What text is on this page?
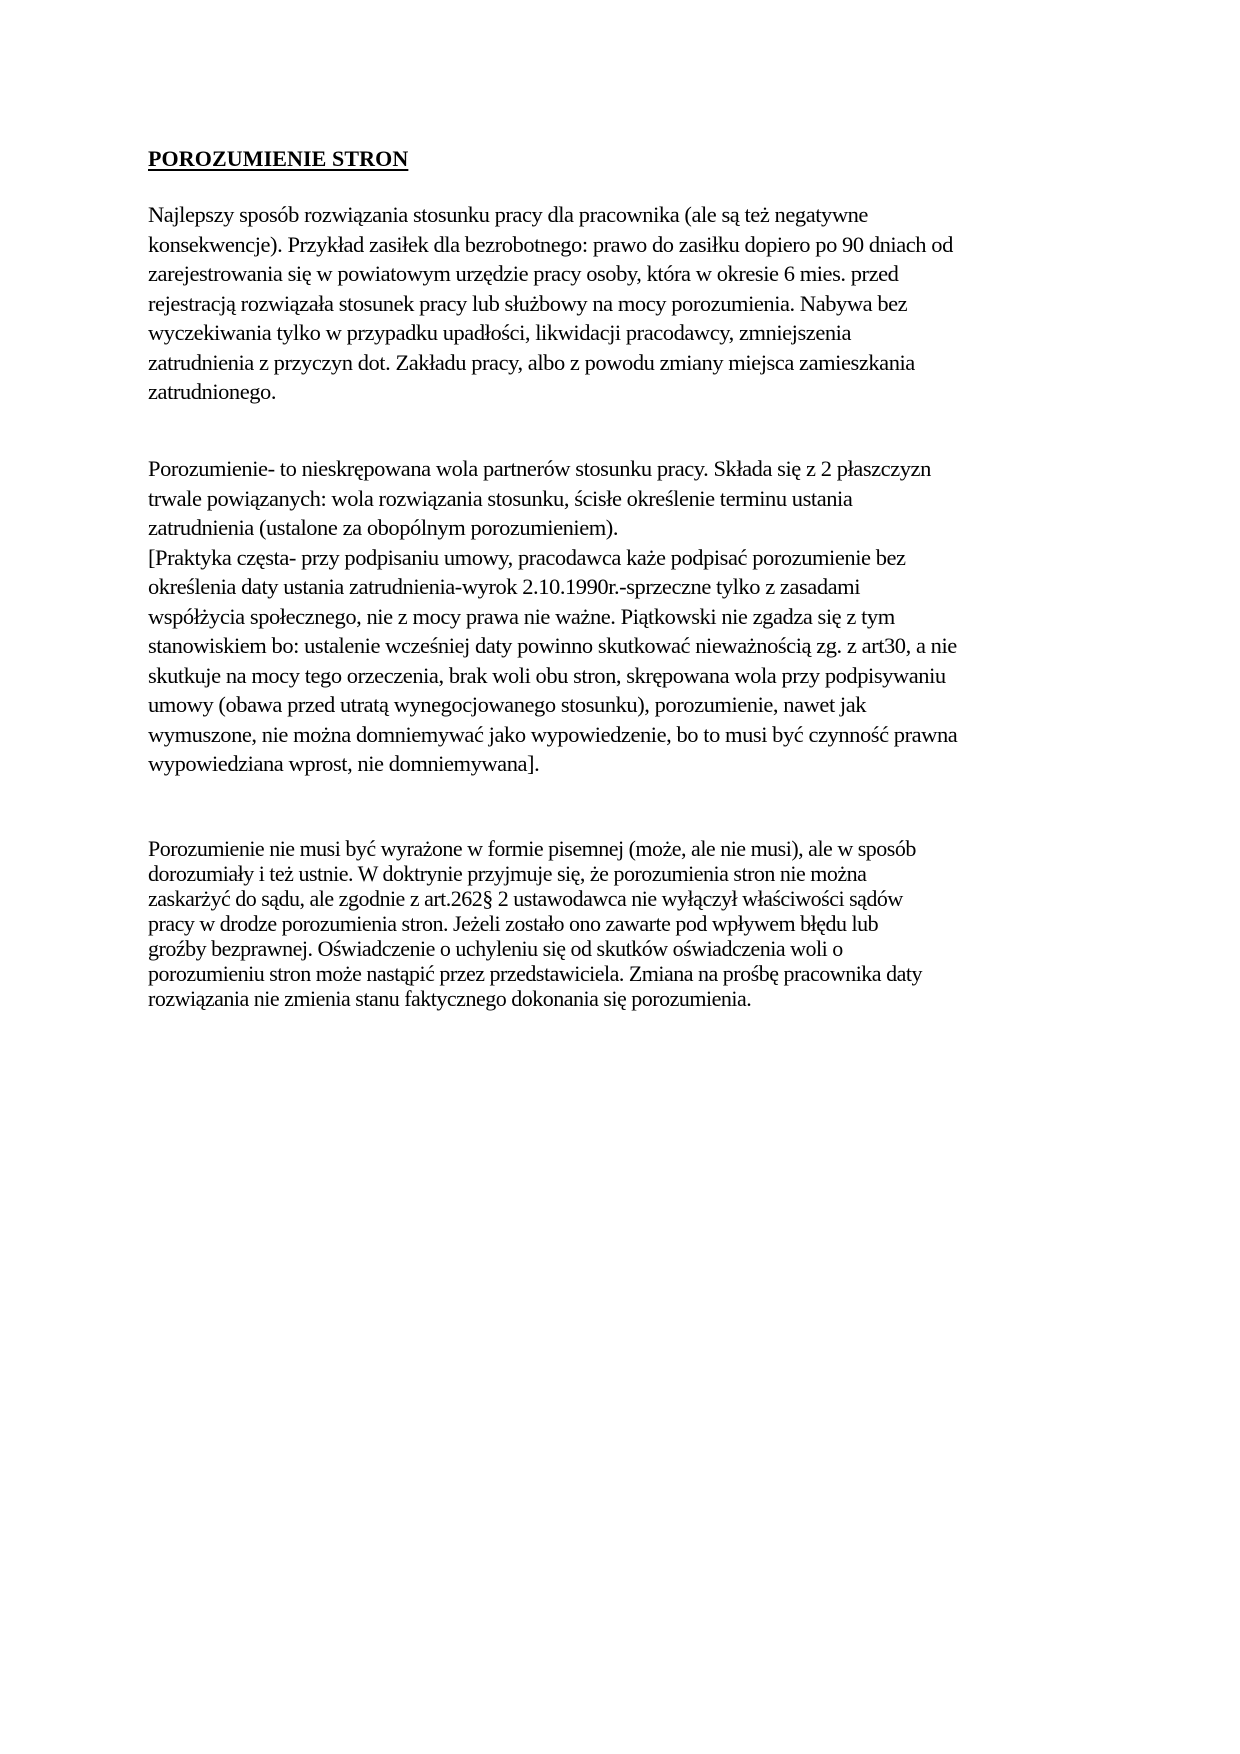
POROZUMIENIE STRON
Najlepszy sposób rozwiązania stosunku pracy dla pracownika (ale są też negatywne
konsekwencje). Przykład zasiłek dla bezrobotnego: prawo do zasiłku dopiero po 90 dniach od
zarejestrowania się w powiatowym urzędzie pracy osoby, która w okresie 6 mies. przed
rejestracją rozwiązała stosunek pracy lub służbowy na mocy porozumienia. Nabywa bez
wyczekiwania tylko w przypadku upadłości, likwidacji pracodawcy, zmniejszenia
zatrudnienia z przyczyn dot. Zakładu pracy, albo z powodu zmiany miejsca zamieszkania
zatrudnionego.
Porozumienie- to nieskrępowana wola partnerów stosunku pracy. Składa się z 2 płaszczyzn
trwale powiązanych: wola rozwiązania stosunku, ścisłe określenie terminu ustania
zatrudnienia (ustalone za obopólnym porozumieniem).
[Praktyka częsta- przy podpisaniu umowy, pracodawca każe podpisać porozumienie bez
określenia daty ustania zatrudnienia-wyrok 2.10.1990r.-sprzeczne tylko z zasadami
współżycia społecznego, nie z mocy prawa nie ważne. Piątkowski nie zgadza się z tym
stanowiskiem bo: ustalenie wcześniej daty powinno skutkować nieważnością zg. z art30, a nie
skutkuje na mocy tego orzeczenia, brak woli obu stron, skrępowana wola przy podpisywaniu
umowy (obawa przed utratą wynegocjowanego stosunku), porozumienie, nawet jak
wymuszone, nie można domniemywać jako wypowiedzenie, bo to musi być czynność prawna
wypowiedziana wprost, nie domniemywana].
Porozumienie nie musi być wyrażone w formie pisemnej (może, ale nie musi), ale w sposób
dorozumiały i też ustnie. W doktrynie przyjmuje się, że porozumienia stron nie można
zaskarżyć do sądu, ale zgodnie z art.262§ 2 ustawodawca nie wyłączył właściwości sądów
pracy w drodze porozumienia stron. Jeżeli zostało ono zawarte pod wpływem błędu lub
groźby bezprawnej. Oświadczenie o uchyleniu się od skutków oświadczenia woli o
porozumieniu stron może nastąpić przez przedstawiciela. Zmiana na prośbę pracownika daty
rozwiązania nie zmienia stanu faktycznego dokonania się porozumienia.
